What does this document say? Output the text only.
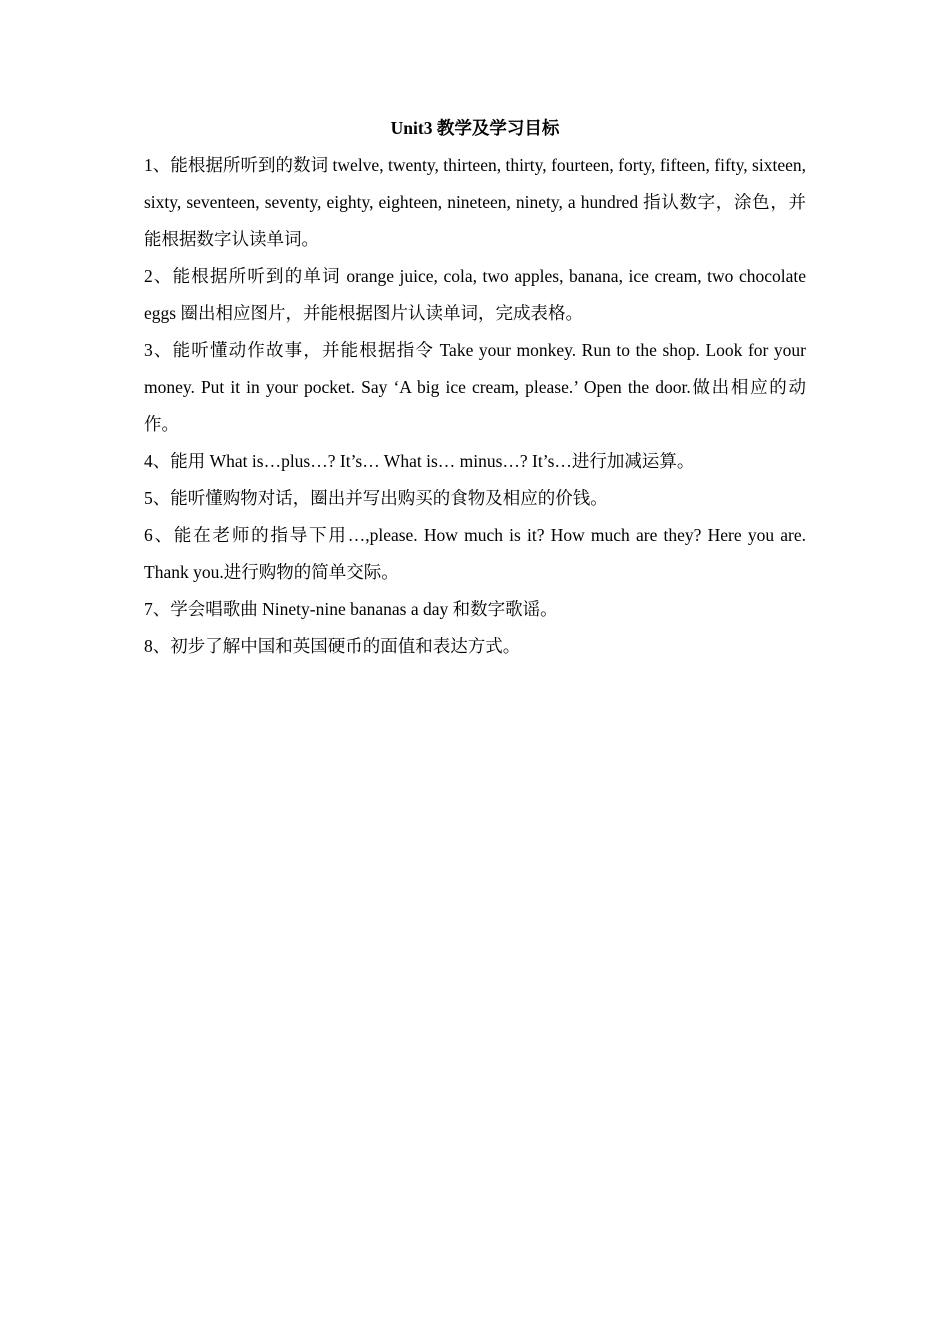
Unit3 教学及学习目标

1、能根据所听到的数词 twelve, twenty, thirteen, thirty, fourteen, forty, fifteen, fifty, sixteen, sixty, seventeen, seventy, eighty, eighteen, nineteen, ninety, a hundred 指认数字，涂色，并能根据数字认读单词。

2、能根据所听到的单词 orange juice, cola, two apples, banana, ice cream, two chocolate eggs 圈出相应图片，并能根据图片认读单词，完成表格。

3、能听懂动作故事，并能根据指令 Take your monkey. Run to the shop. Look for your money. Put it in your pocket. Say ‘A big ice cream, please.’ Open the door.做出相应的动作。

4、能用 What is…plus…? It’s… What is… minus…? It’s…进行加减运算。

5、能听懂购物对话，圈出并写出购买的食物及相应的价钱。

6、能在老师的指导下用…,please. How much is it? How much are they? Here you are. Thank you.进行购物的简单交际。

7、学会唱歌曲 Ninety-nine bananas a day 和数字歌谣。

8、初步了解中国和英国硬币的面值和表达方式。
